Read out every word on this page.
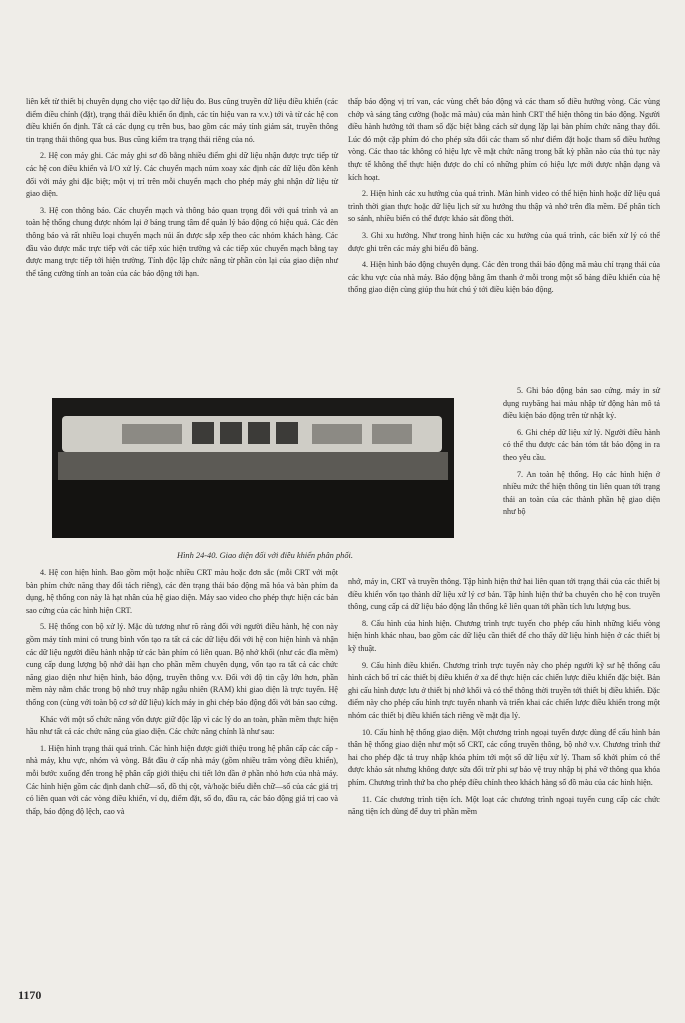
liên kết từ thiết bị chuyên dụng cho việc tạo dữ liệu đo. Bus cũng truyền dữ liệu điều khiển (các điểm điều chỉnh (đặt), trạng thái điều khiển ổn định, các tín hiệu van ra v.v.) tới và từ các hệ con điều khiển ổn định. Tất cả các dụng cụ trên bus, bao gồm các máy tính giám sát, truyền thông tin trạng thái thông qua bus. Bus cũng kiểm tra trạng thái riêng của nó.

2. Hệ con máy ghi. Các máy ghi sơ đồ bằng nhiều điểm ghi dữ liệu nhận được trực tiếp từ các hệ con điều khiển và I/O xử lý. Các chuyển mạch núm xoay xác định các dữ liệu đồn kênh đối với máy ghi đặc biệt; một vị trí trên mỗi chuyển mạch cho phép máy ghi nhận dữ liệu từ giao diện.

3. Hệ con thông báo. Các chuyển mạch và thông báo quan trọng đối với quá trình và an toàn hệ thống chung được nhóm lại ở bảng trung tâm để quản lý báo động có hiệu quả. Các đèn thông báo và rất nhiều loại chuyển mạch núi ấn được sắp xếp theo các nhóm khách hàng. Các đầu vào được mắc trực tiếp với các tiếp xúc hiện trường và các tiếp xúc chuyển mạch bằng tay được mang trực tiếp tới hiện trường. Tính độc lập chức năng từ phần còn lại của giao diện như thể tăng cường tính an toàn của các báo động tới hạn.

thấp báo động vị trí van, các vùng chết báo động và các tham số điều hướng vòng. Các vùng chớp và sáng tăng cường (hoặc mã màu) của màn hình CRT thể hiện thông tin báo động. Người điều hành hướng tới tham số đặc biệt bằng cách sử dụng lặp lại bàn phím chức năng thay đổi. Lúc đó một cặp phím đó cho phép sửa đổi các tham số như điểm đặt hoặc tham số điều hướng vòng. Các thao tác không có hiệu lực về mặt chức năng trong bất kỳ phần nào của thủ tục này thực tế không thể thực hiện được do chỉ có những phím có hiệu lực mới được nhận dạng và kích hoạt.

2. Hiện hình các xu hướng của quá trình. Màn hình video có thể hiện hình hoặc dữ liệu quá trình thời gian thực hoặc dữ liệu lịch sử xu hướng thu thập và nhớ trên đĩa mềm. Để phân tích so sánh, nhiều biến có thể được khảo sát đồng thời.

3. Ghi xu hướng. Như trong hình hiện các xu hướng của quá trình, các biến xử lý có thể được ghi trên các máy ghi biểu đồ băng.

4. Hiện hình báo động chuyên dụng. Các đèn trong thái báo động mã màu chỉ trạng thái của các khu vực của nhà máy. Báo động bằng âm thanh ở mỗi trong một số bảng điều khiển của hệ thống giao diện cùng giúp thu hút chú ý tới điều kiện báo động.

5. Ghi báo động bản sao cứng. máy in sử dụng ruybăng hai màu nhập từ động hàn mô tả điều kiện báo động trên từ nhật ký.

6. Ghi chép dữ liệu xử lý. Người điều hành có thể thu được các bản tóm tắt báo động in ra theo yêu cầu.

7. An toàn hệ thống. Họ các hình hiện ở nhiều mức thể hiện thông tin liên quan tới trạng thái an toàn của các thành phần hệ giao diện như bộ

Hình 24-40. Giao diện đối với điều khiển phân phối.

4. Hệ con hiện hình. Bao gồm một hoặc nhiều CRT màu hoặc đơn sắc (mỗi CRT với một bàn phím chức năng thay đổi tách riêng), các đèn trạng thái báo động mã hóa và bàn phím đa dụng, hệ thống con này là hạt nhân của hệ giao diện. Máy sao video cho phép thực hiện các bản sao cứng của các hình hiện CRT.

5. Hệ thống con bộ xử lý. Mặc dù tương như rõ ràng đối với người điều hành, hệ con này gồm máy tính mini có trung bình vốn tạo ra tất cả các dữ liệu đối với hệ con hiện hình và nhận các dữ liệu người điều hành nhập từ các bàn phím có liên quan. Bộ nhớ khối (như các đĩa mềm) cung cấp dung lượng bộ nhớ dài hạn cho phần mềm chuyên dụng, vốn tạo ra tất cả các chức năng giao diện như hiện hình, báo động, truyền thông v.v. Đối với độ tin cậy lớn hơn, phần mềm này nằm chắc trong bộ nhớ truy nhập ngẫu nhiên (RAM) khi giao diện là trực tuyến. Hệ thống con (cùng với toàn bộ cơ sở dữ liệu) kích máy in ghi chép báo động đối với bản sao cứng.

Khác với một số chức năng vốn được giữ độc lập vì các lý do an toàn, phần mềm thực hiện hầu như tất cả các chức năng của giao diện. Các chức năng chính là như sau:

1. Hiện hình trạng thái quá trình. Các hình hiện được giới thiệu trong hệ phân cấp các cấp - nhà máy, khu vực, nhóm và vòng. Bắt đầu ở cấp nhà máy (gồm nhiều trăm vòng điều khiển), mỗi bước xuống đến trong hệ phân cấp giới thiệu chi tiết lớn dần ở phần nhỏ hơn của nhà máy. Các hình hiện gồm các định danh chữ—số, đồ thị cột, và/hoặc biểu diễn chữ—số của các giá trị có liên quan với các vòng điều khiển, ví dụ, điểm đặt, số đo, đầu ra, các báo động giá trị cao và thấp, báo động độ lệch, cao và

nhớ, máy in, CRT và truyền thông. Tập hình hiện thứ hai liên quan tới trạng thái của các thiết bị điều khiển vốn tạo thành dữ liệu xử lý cơ bản. Tập hình hiện thứ ba chuyên cho hệ con truyền thông, cung cấp cả dữ liệu báo động lẫn thống kê liên quan tới phần tích lưu lượng bus.

8. Cấu hình của hình hiện. Chương trình trực tuyến cho phép cấu hình những kiểu vòng hiện hình khác nhau, bao gồm các dữ liệu cần thiết để cho thấy dữ liệu hình hiện ở các thiết bị kỹ thuật.

9. Cấu hình điều khiển. Chương trình trực tuyến này cho phép người kỹ sư hệ thống cấu hình cách bố trí các thiết bị điều khiển ở xa để thực hiện các chiến lược điều khiển đặc biệt. Bản ghi cấu hình được lưu ở thiết bị nhớ khối và có thể thông thời truyền tới thiết bị điều khiển. Đặc điểm này cho phép cấu hình trực tuyến nhanh và triển khai các chiến lược điều khiển trong một nhóm các thiết bị điều khiển tách riêng về mặt địa lý.

10. Cấu hình hệ thống giao diện. Một chương trình ngoại tuyến được dùng để cấu hình bản thân hệ thống giao diện như một số CRT, các cổng truyền thông, bộ nhớ v.v. Chương trình thứ hai cho phép đặc tả truy nhập khóa phím tới một số dữ liệu xử lý. Tham số khởi phím có thể được khảo sát nhưng không được sửa đổi trừ phi sự bảo vệ truy nhập bị phá vỡ thông qua khóa phím. Chương trình thứ ba cho phép điều chỉnh theo khách hàng số đồ màu của các hình hiện.

11. Các chương trình tiện ích. Một loạt các chương trình ngoại tuyến cung cấp các chức năng tiện ích dùng để duy trì phần mềm

1170
